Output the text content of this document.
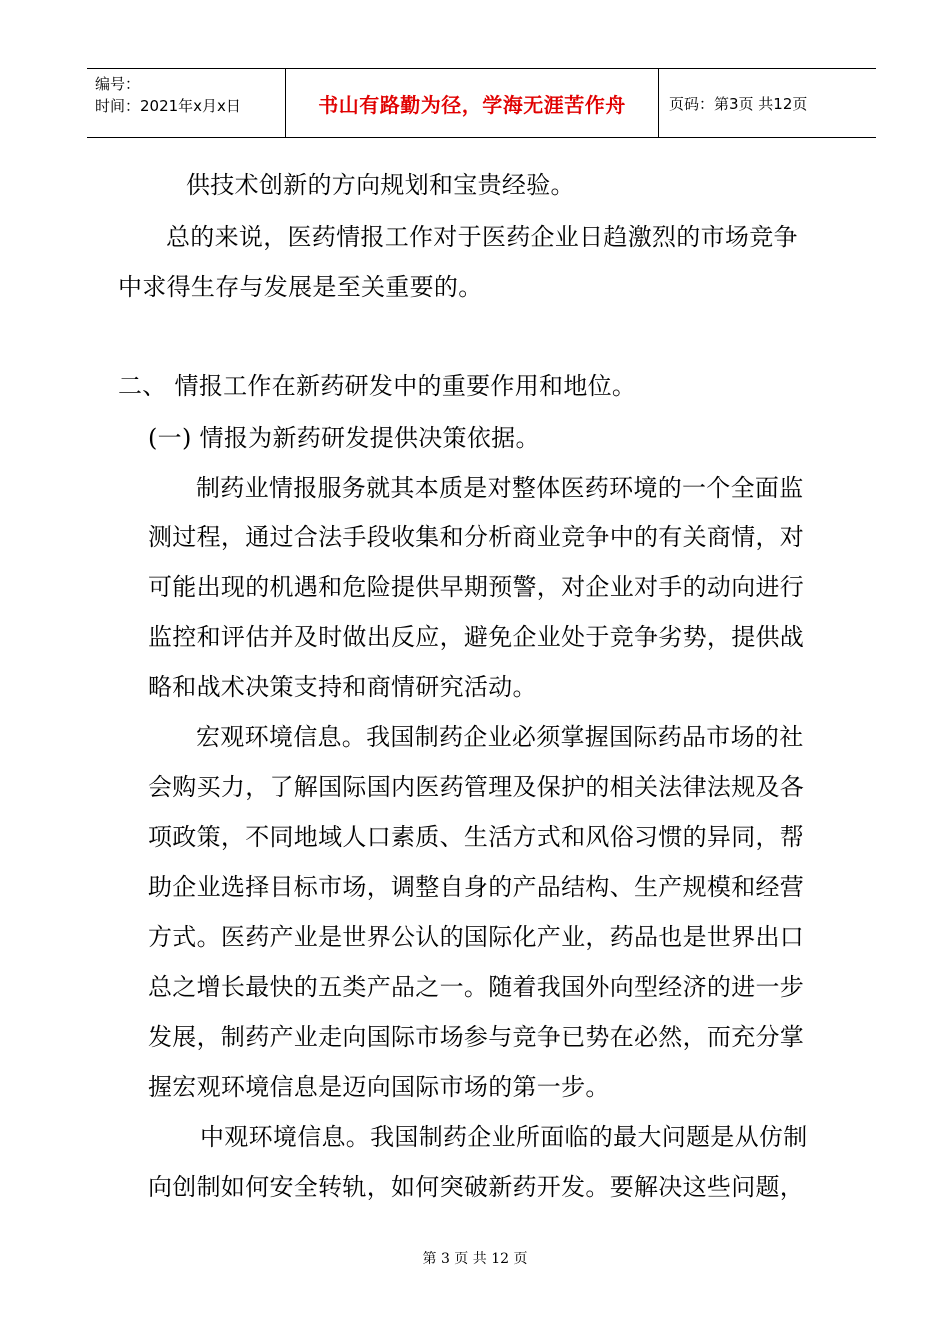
编号：
时间：2021年x月x日	书山有路勤为径，学海无涯苦作舟	页码：第3页 共12页
供技术创新的方向规划和宝贵经验。
总的来说，医药情报工作对于医药企业日趋激烈的市场竞争
中求得生存与发展是至关重要的。
二、 情报工作在新药研发中的重要作用和地位。
(一) 情报为新药研发提供决策依据。
制药业情报服务就其本质是对整体医药环境的一个全面监
测过程，通过合法手段收集和分析商业竞争中的有关商情，对
可能出现的机遇和危险提供早期预警，对企业对手的动向进行
监控和评估并及时做出反应，避免企业处于竞争劣势，提供战
略和战术决策支持和商情研究活动。
宏观环境信息。我国制药企业必须掌握国际药品市场的社
会购买力，了解国际国内医药管理及保护的相关法律法规及各
项政策，不同地域人口素质、生活方式和风俗习惯的异同，帮
助企业选择目标市场，调整自身的产品结构、生产规模和经营
方式。医药产业是世界公认的国际化产业，药品也是世界出口
总之增长最快的五类产品之一。随着我国外向型经济的进一步
发展，制药产业走向国际市场参与竞争已势在必然，而充分掌
握宏观环境信息是迈向国际市场的第一步。
中观环境信息。我国制药企业所面临的最大问题是从仿制
向创制如何安全转轨，如何突破新药开发。要解决这些问题，
第 3 页 共 12 页
